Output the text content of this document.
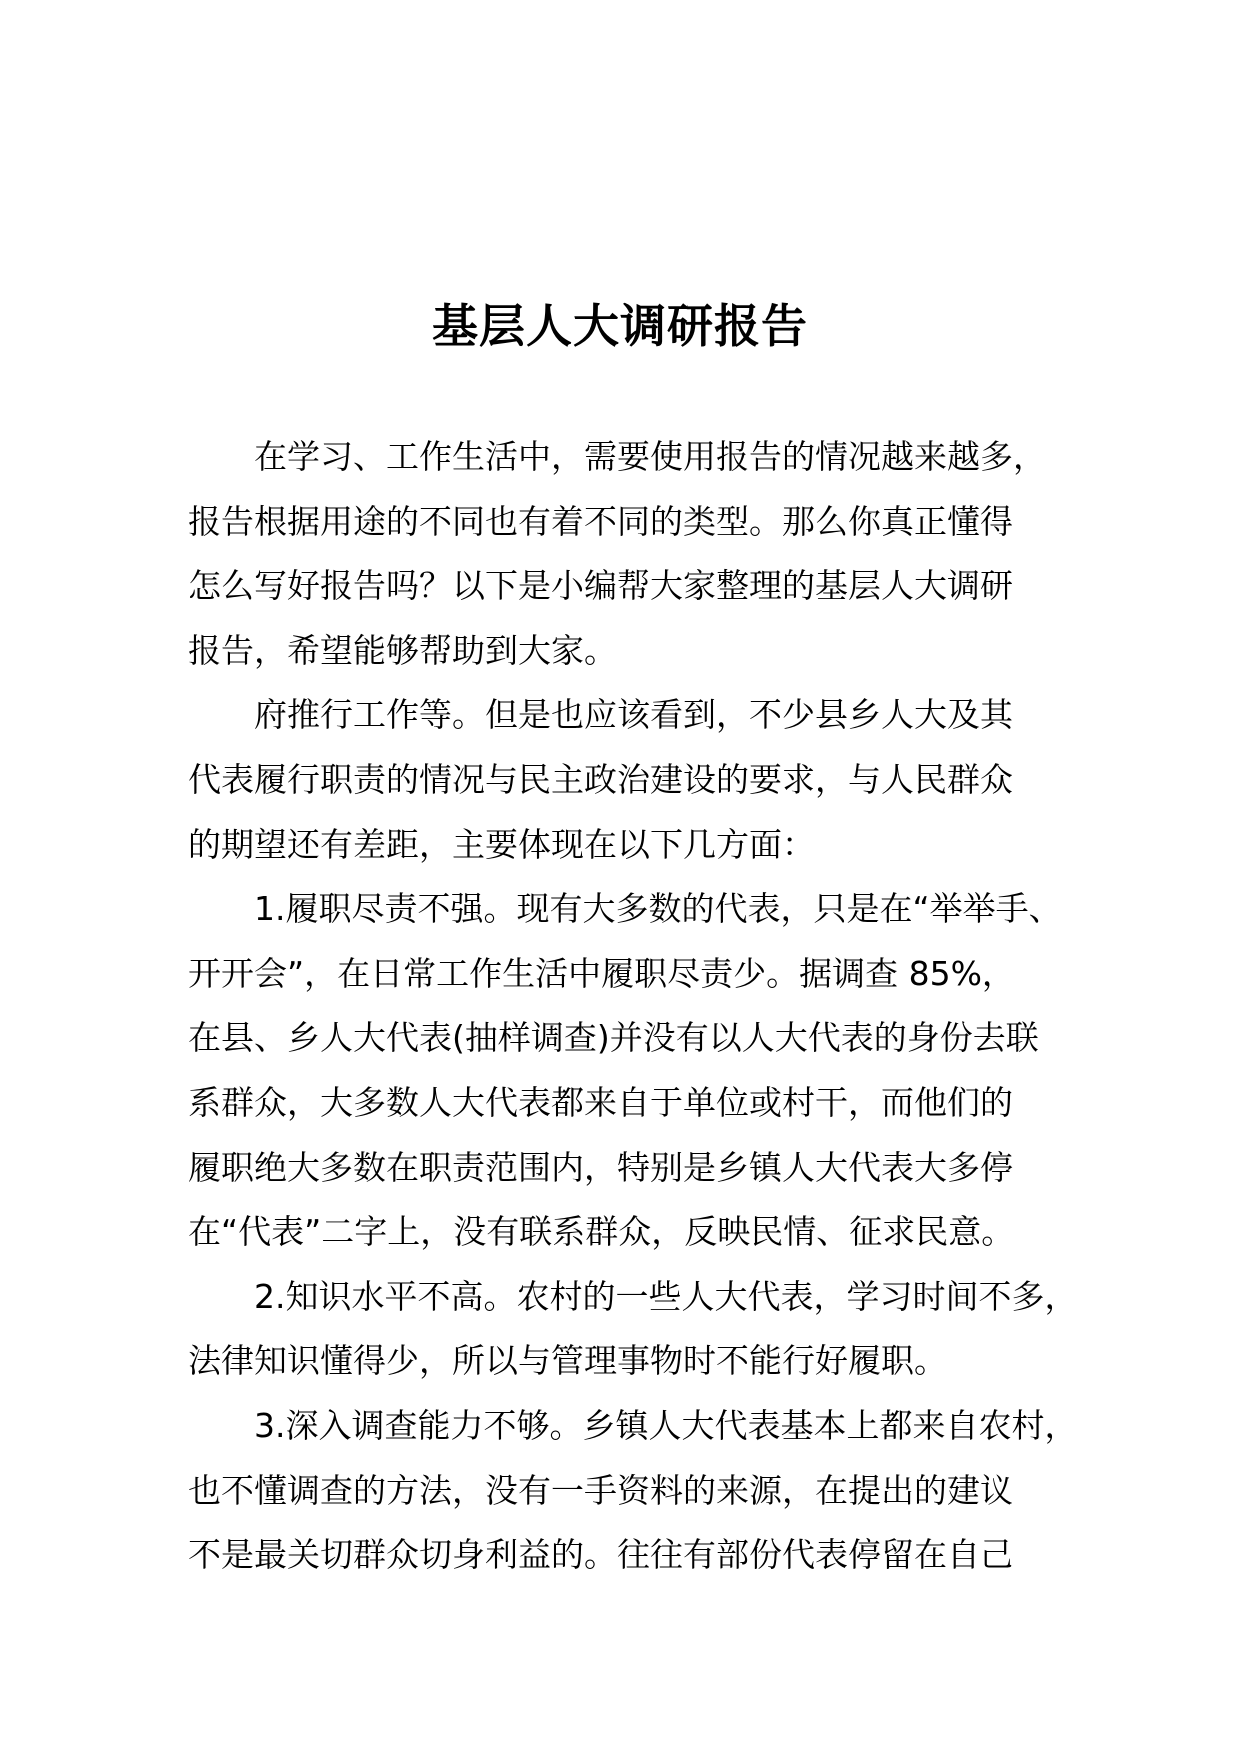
基层人大调研报告
在学习、工作生活中，需要使用报告的情况越来越多，
报告根据用途的不同也有着不同的类型。那么你真正懂得
怎么写好报告吗？以下是小编帮大家整理的基层人大调研
报告，希望能够帮助到大家。
府推行工作等。但是也应该看到，不少县乡人大及其
代表履行职责的情况与民主政治建设的要求，与人民群众
的期望还有差距，主要体现在以下几方面：
1.履职尽责不强。现有大多数的代表，只是在“举举手、
开开会”，在日常工作生活中履职尽责少。据调查 85%，
在县、乡人大代表(抽样调查)并没有以人大代表的身份去联
系群众，大多数人大代表都来自于单位或村干，而他们的
履职绝大多数在职责范围内，特别是乡镇人大代表大多停
在“代表”二字上，没有联系群众，反映民情、征求民意。
2.知识水平不高。农村的一些人大代表，学习时间不多，
法律知识懂得少，所以与管理事物时不能行好履职。
3.深入调查能力不够。乡镇人大代表基本上都来自农村，
也不懂调查的方法，没有一手资料的来源，在提出的建议
不是最关切群众切身利益的。往往有部份代表停留在自己
